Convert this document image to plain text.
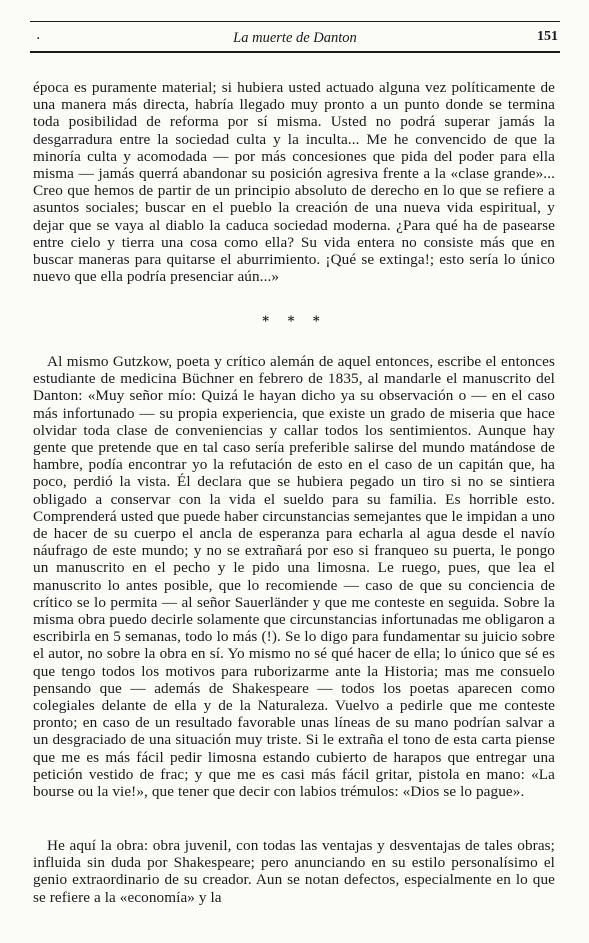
·	La muerte de Danton	151

época es puramente material; si hubiera usted actuado alguna vez políticamente de una manera más directa, habría llegado muy pronto a un punto donde se termina toda posibilidad de reforma por sí misma. Usted no podrá superar jamás la desgarradura entre la sociedad culta y la inculta... Me he convencido de que la minoría culta y acomodada — por más concesiones que pida del poder para ella misma — jamás querrá abandonar su posición agresiva frente a la «clase grande»... Creo que hemos de partir de un principio absoluto de derecho en lo que se refiere a asuntos sociales; buscar en el pueblo la creación de una nueva vida espiritual, y dejar que se vaya al diablo la caduca sociedad moderna. ¿Para qué ha de pasearse entre cielo y tierra una cosa como ella? Su vida entera no consiste más que en buscar maneras para quitarse el aburrimiento. ¡Qué se extinga!; esto sería lo único nuevo que ella podría presenciar aún...»

* * *

Al mismo Gutzkow, poeta y crítico alemán de aquel entonces, escribe el entonces estudiante de medicina Büchner en febrero de 1835, al mandarle el manuscrito del Danton: «Muy señor mío: Quizá le hayan dicho ya su observación o — en el caso más infortunado — su propia experiencia, que existe un grado de miseria que hace olvidar toda clase de conveniencias y callar todos los sentimientos. Aunque hay gente que pretende que en tal caso sería preferible salirse del mundo matándose de hambre, podía encontrar yo la refutación de esto en el caso de un capitán que, ha poco, perdió la vista. Él declara que se hubiera pegado un tiro si no se sintiera obligado a conservar con la vida el sueldo para su familia. Es horrible esto. Comprenderá usted que puede haber circunstancias semejantes que le impidan a uno de hacer de su cuerpo el ancla de esperanza para echarla al agua desde el navío náufrago de este mundo; y no se extrañará por eso si franqueo su puerta, le pongo un manuscrito en el pecho y le pido una limosna. Le ruego, pues, que lea el manuscrito lo antes posible, que lo recomiende — caso de que su conciencia de crítico se lo permita — al señor Sauerländer y que me conteste en seguida. Sobre la misma obra puedo decirle solamente que circunstancias infortunadas me obligaron a escribirla en 5 semanas, todo lo más (!). Se lo digo para fundamentar su juicio sobre el autor, no sobre la obra en sí. Yo mismo no sé qué hacer de ella; lo único que sé es que tengo todos los motivos para ruborizarme ante la Historia; mas me consuelo pensando que — además de Shakespeare — todos los poetas aparecen como colegiales delante de ella y de la Naturaleza. Vuelvo a pedirle que me conteste pronto; en caso de un resultado favorable unas líneas de su mano podrían salvar a un desgraciado de una situación muy triste. Si le extraña el tono de esta carta piense que me es más fácil pedir limosna estando cubierto de harapos que entregar una petición vestido de frac; y que me es casi más fácil gritar, pistola en mano: «La bourse ou la vie!», que tener que decir con labios trémulos: «Dios se lo pague».

He aquí la obra: obra juvenil, con todas las ventajas y desventajas de tales obras; influida sin duda por Shakespeare; pero anunciando en su estilo personalísimo el genio extraordinario de su creador. Aun se notan defectos, especialmente en lo que se refiere a la «economía» y la
